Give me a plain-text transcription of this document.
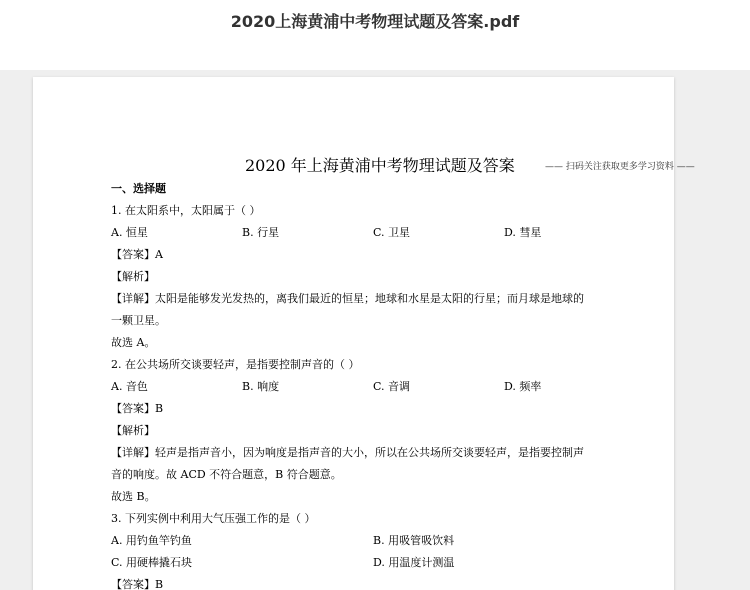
2020上海黄浦中考物理试题及答案.pdf
—— 扫码关注获取更多学习资料 ——
2020 年上海黄浦中考物理试题及答案
一、选择题
1. 在太阳系中，太阳属于（ ）
A. 恒星	B. 行星	C. 卫星	D. 彗星
【答案】A
【解析】
【详解】太阳是能够发光发热的，离我们最近的恒星；地球和水星是太阳的行星；而月球是地球的
一颗卫星。
故选 A。
2. 在公共场所交谈要轻声，是指要控制声音的（ ）
A. 音色	B. 响度	C. 音调	D. 频率
【答案】B
【解析】
【详解】轻声是指声音小，因为响度是指声音的大小，所以在公共场所交谈要轻声，是指要控制声
音的响度。故 ACD 不符合题意，B 符合题意。
故选 B。
3. 下列实例中利用大气压强工作的是（ ）
A. 用钓鱼竿钓鱼	B. 用吸管吸饮料
C. 用硬棒撬石块	D. 用温度计测温
【答案】B
